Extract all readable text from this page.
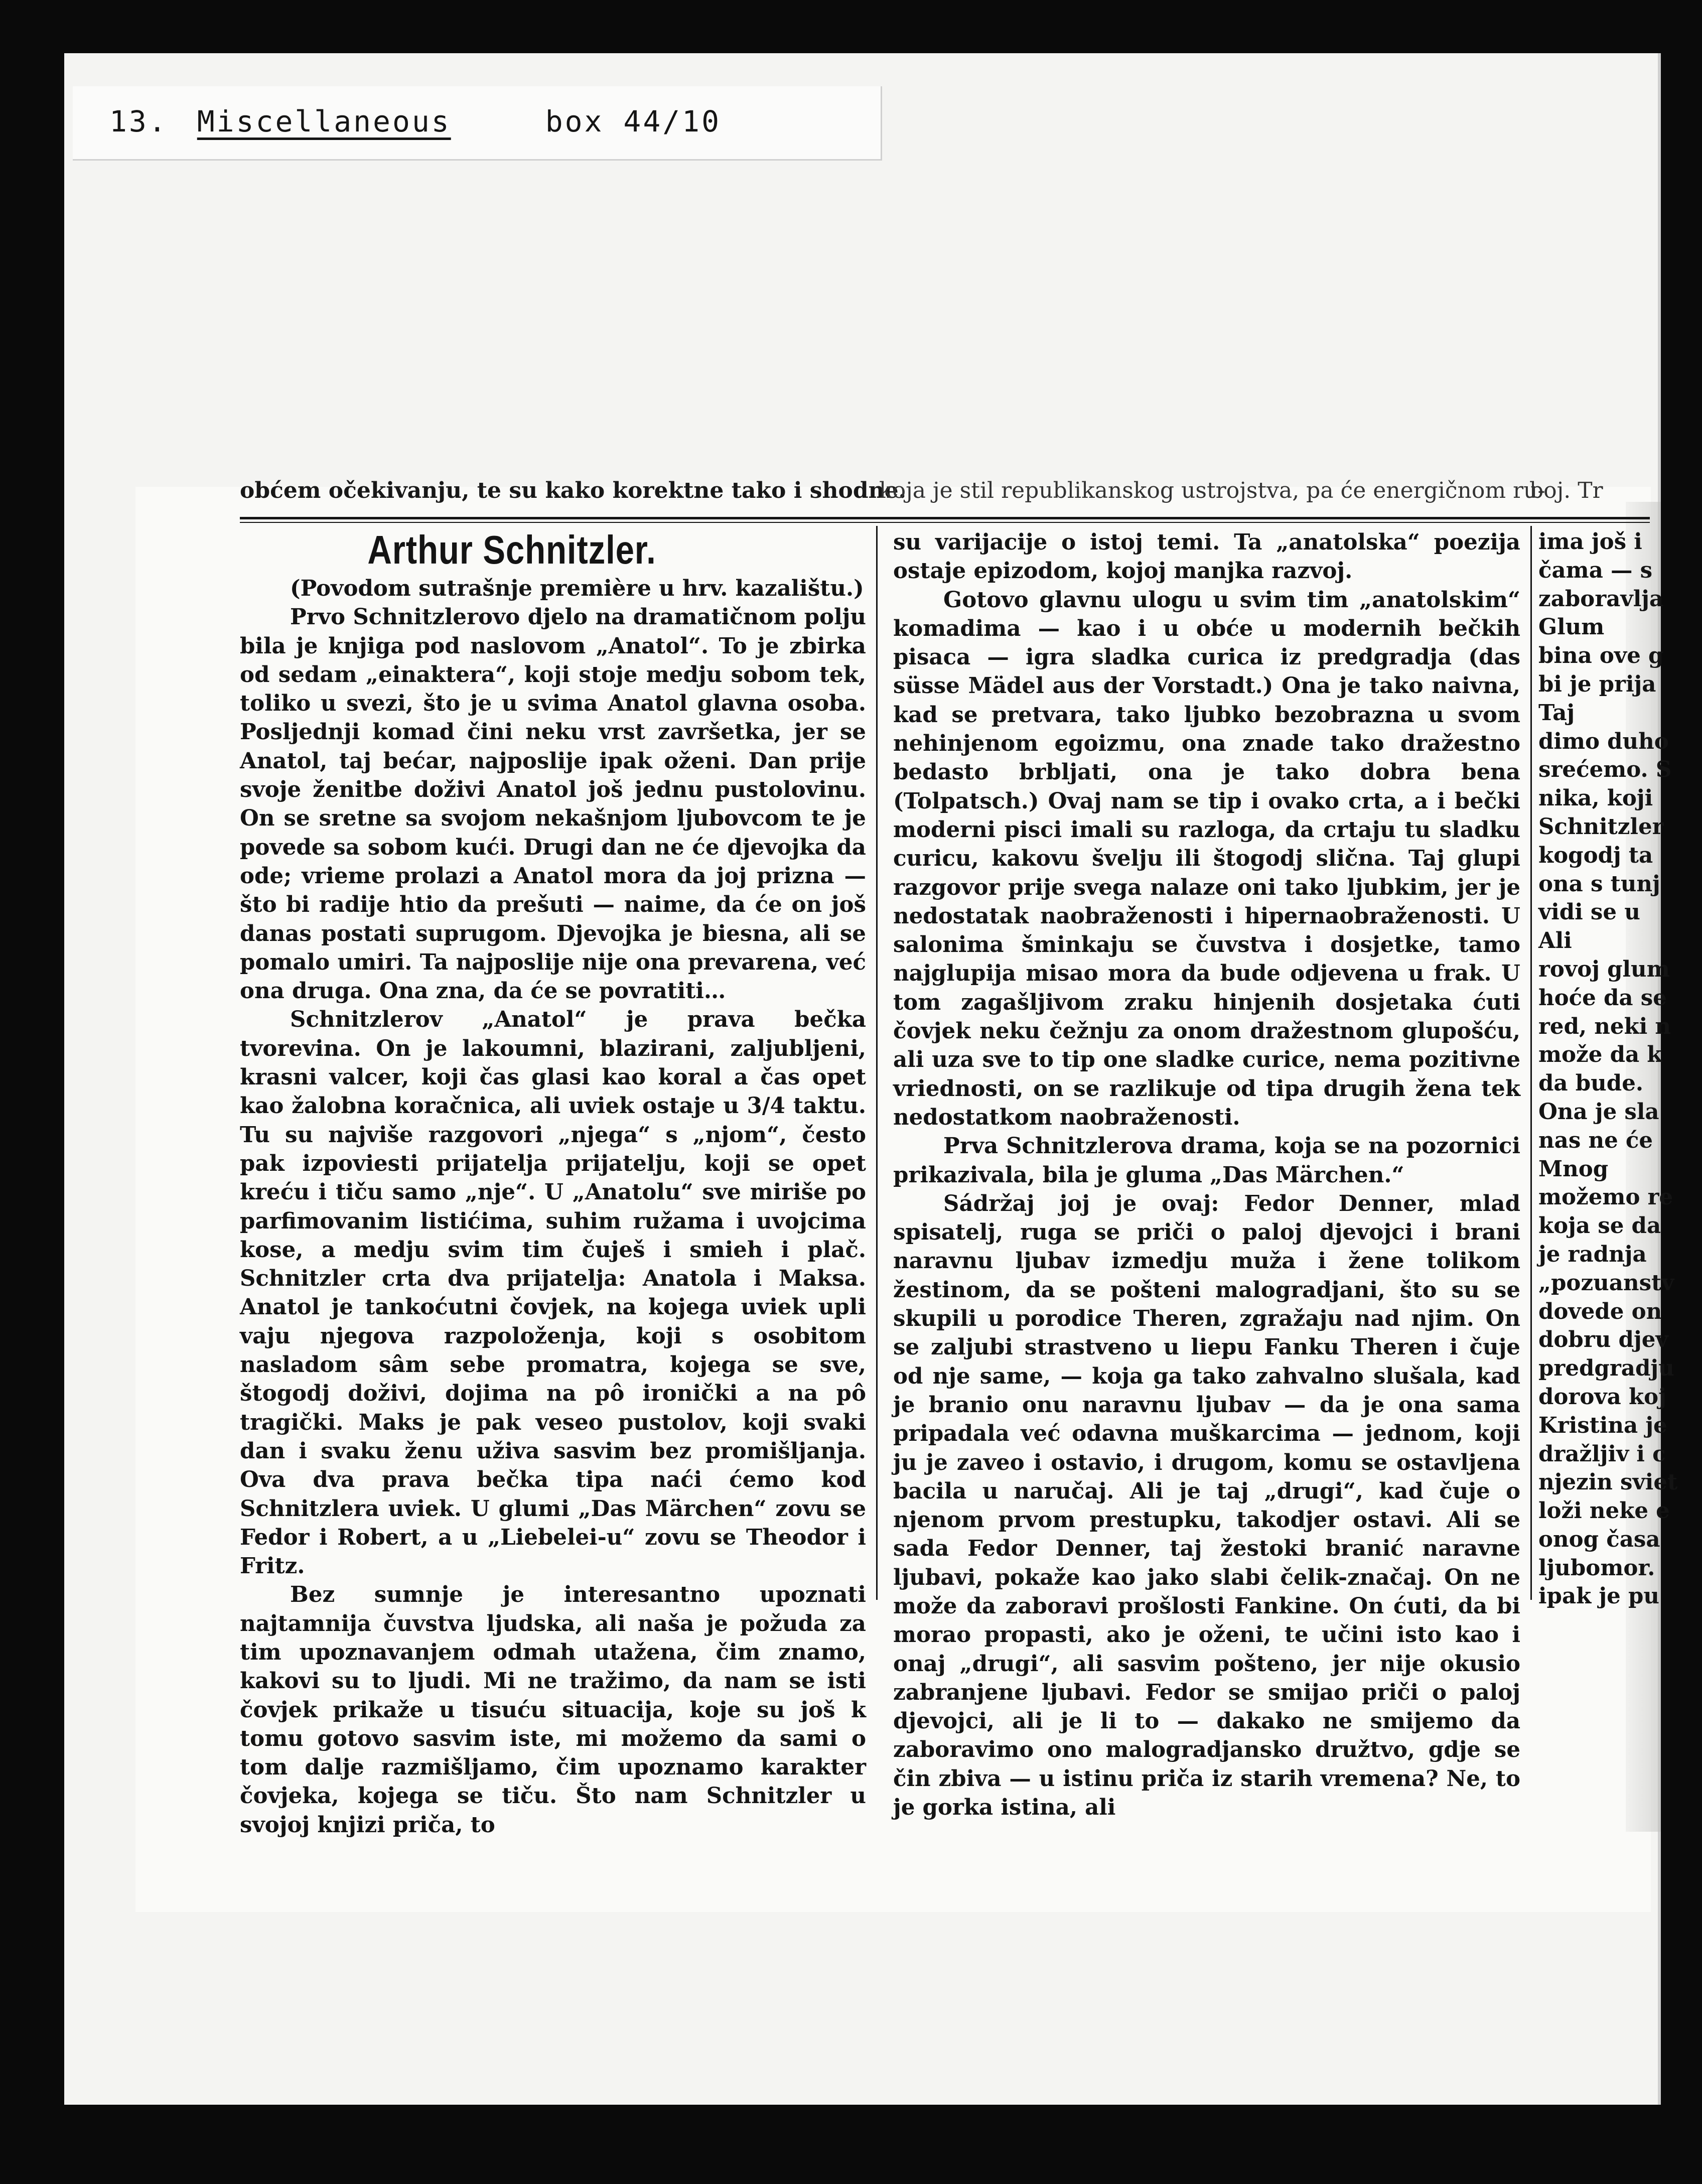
13. Miscellaneous	box 44/10
obćem očekivanju, te su kako korektne tako i shodne.
koja je stil republikanskog ustrojstva, pa će energičnom ru-
boj. Tr

Arthur Schnitzler.

(Povodom sutrašnje première u hrv. kazalištu.)

Prvo Schnitzlerovo djelo na dramatičnom polju bila je knjiga pod naslovom „Anatol“. To je zbirka od sedam „einaktera“, koji stoje medju sobom tek, toliko u svezi, što je u svima Anatol glavna osoba. Posljednji komad čini neku vrst završetka, jer se Anatol, taj bećar, najposlije ipak oženi. Dan prije svoje ženitbe doživi Anatol još jednu pustolovinu. On se sretne sa svojom nekašnjom ljubovcom te je povede sa sobom kući. Drugi dan ne će djevojka da ode; vrieme prolazi a Anatol mora da joj prizna — što bi radije htio da prešuti — naime, da će on još danas postati suprugom. Djevojka je biesna, ali se pomalo umiri. Ta najposlije nije ona prevarena, već ona druga. Ona zna, da će se povratiti…

Schnitzlerov „Anatol“ je prava bečka tvorevina. On je lakoumni, blazirani, zaljubljeni, krasni valcer, koji čas glasi kao koral a čas opet kao žalobna koračnica, ali uviek ostaje u 3/4 taktu. Tu su najviše razgovori „njega“ s „njom“, često pak izpoviesti prijatelja prijatelju, koji se opet kreću i tiču samo „nje“. U „Anatolu“ sve miriše po parfimovanim listićima, suhim ružama i uvojcima kose, a medju svim tim čuješ i smieh i plač. Schnitzler crta dva prijatelja: Anatola i Maksa. Anatol je tankoćutni čovjek, na kojega uviek upli vaju njegova razpoloženja, koji s osobitom nasladom sâm sebe promatra, kojega se sve, štogodj doživi, dojima na pô ironički a na pô tragički. Maks je pak veseo pustolov, koji svaki dan i svaku ženu uživa sasvim bez promišljanja. Ova dva prava bečka tipa naći ćemo kod Schnitzlera uviek. U glumi „Das Märchen“ zovu se Fedor i Robert, a u „Liebelei-u“ zovu se Theodor i Fritz.

Bez sumnje je interesantno upoznati najtamnija čuvstva ljudska, ali naša je požuda za tim upoznavanjem odmah utažena, čim znamo, kakovi su to ljudi. Mi ne tražimo, da nam se isti čovjek prikaže u tisuću situacija, koje su još k tomu gotovo sasvim iste, mi možemo da sami o tom dalje razmišljamo, čim upoznamo karakter čovjeka, kojega se tiču. Što nam Schnitzler u svojoj knjizi priča, to

su varijacije o istoj temi. Ta „anatolska“ poezija ostaje epizodom, kojoj manjka razvoj.

Gotovo glavnu ulogu u svim tim „anatolskim“ komadima — kao i u obće u modernih bečkih pisaca — igra sladka curica iz predgradja (das süsse Mädel aus der Vorstadt.) Ona je tako naivna, kad se pretvara, tako ljubko bezobrazna u svom nehinjenom egoizmu, ona znade tako dražestno bedasto brbljati, ona je tako dobra bena (Tolpatsch.) Ovaj nam se tip i ovako crta, a i bečki moderni pisci imali su razloga, da crtaju tu sladku curicu, kakovu švelju ili štogodj slična. Taj glupi razgovor prije svega nalaze oni tako ljubkim, jer je nedostatak naobraženosti i hipernaobraženosti. U salonima šminkaju se čuvstva i dosjetke, tamo najglupija misao mora da bude odjevena u frak. U tom zagašljivom zraku hinjenih dosjetaka ćuti čovjek neku čežnju za onom dražestnom glupošću, ali uza sve to tip one sladke curice, nema pozitivne vriednosti, on se razlikuje od tipa drugih žena tek nedostatkom naobraženosti.

Prva Schnitzlerova drama, koja se na pozornici prikazivala, bila je gluma „Das Märchen.“

Sádržaj joj je ovaj: Fedor Denner, mlad spisatelj, ruga se priči o paloj djevojci i brani naravnu ljubav izmedju muža i žene tolikom žestinom, da se pošteni malogradjani, što su se skupili u porodice Theren, zgražaju nad njim. On se zaljubi strastveno u liepu Fanku Theren i čuje od nje same, — koja ga tako zahvalno slušala, kad je branio onu naravnu ljubav — da je ona sama pripadala već odavna muškarcima — jednom, koji ju je zaveo i ostavio, i drugom, komu se ostavljena bacila u naručaj. Ali je taj „drugi“, kad čuje o njenom prvom prestupku, takodjer ostavi. Ali se sada Fedor Denner, taj žestoki branić naravne ljubavi, pokaže kao jako slabi čelik-značaj. On ne može da zaboravi prošlosti Fankine. On ćuti, da bi morao propasti, ako je oženi, te učini isto kao i onaj „drugi“, ali sasvim pošteno, jer nije okusio zabranjene ljubavi. Fedor se smijao priči o paloj djevojci, ali je li to — dakako ne smijemo da zaboravimo ono malogradjansko družtvo, gdje se čin zbiva — u istinu priča iz starih vremena? Ne, to je gorka istina, ali

ima još i
čama — s
zaboravlja
Glum
bina ove g
bi je prija
Taj
dimo duho
srećemo. S
nika, koji
Schnitzler
kogodj ta
ona s tunj
vidi se u
Ali
rovoj glum
hoće da se
red, neki n
može da k
da bude.
Ona je sla
nas ne će
Mnog
možemo re
koja se da
je radnja
„pozuanstv
dovede on
dobru djev
predgradju
dorova koj
Kristina je
dražljiv i c
njezin sviet
loži neke e
onog časa
ljubomor.
ipak je pu
